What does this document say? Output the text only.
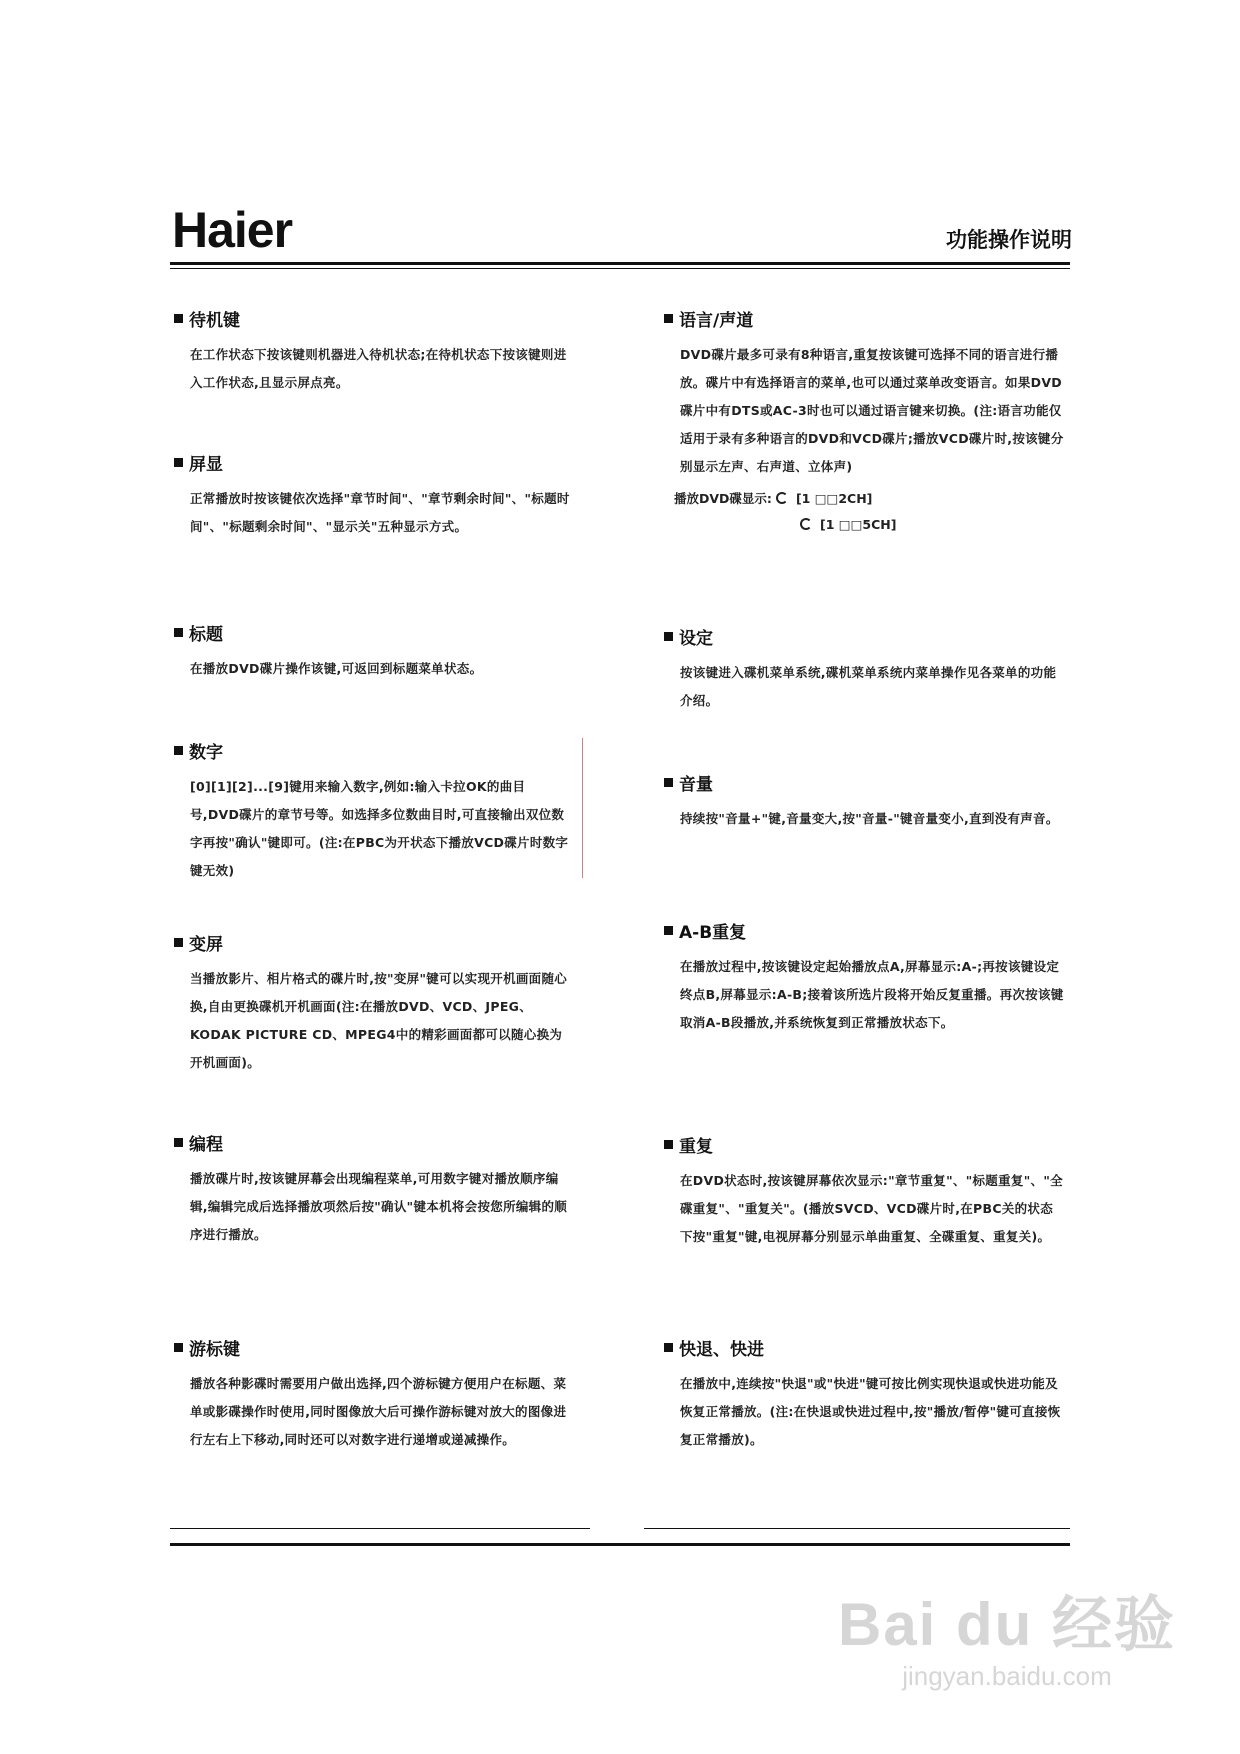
Haier	功能操作说明
待机键

在工作状态下按该键则机器进入待机状态;在待机状态下按该键则进入工作状态,且显示屏点亮。

屏显

正常播放时按该键依次选择"章节时间"、"章节剩余时间"、"标题时间"、"标题剩余时间"、"显示关"五种显示方式。

标题

在播放DVD碟片操作该键,可返回到标题菜单状态。

数字

[0][1][2]...[9]键用来输入数字,例如:输入卡拉OK的曲目号,DVD碟片的章节号等。如选择多位数曲目时,可直接输出双位数字再按"确认"键即可。(注:在PBC为开状态下播放VCD碟片时数字键无效)

变屏

当播放影片、相片格式的碟片时,按"变屏"键可以实现开机画面随心换,自由更换碟机开机画面(注:在播放DVD、VCD、JPEG、KODAK PICTURE CD、MPEG4中的精彩画面都可以随心换为开机画面)。

编程

播放碟片时,按该键屏幕会出现编程菜单,可用数字键对播放顺序编辑,编辑完成后选择播放项然后按"确认"键本机将会按您所编辑的顺序进行播放。

游标键

播放各种影碟时需要用户做出选择,四个游标键方便用户在标题、菜单或影碟操作时使用,同时图像放大后可操作游标键对放大的图像进行左右上下移动,同时还可以对数字进行递增或递减操作。

语言/声道

DVD碟片最多可录有8种语言,重复按该键可选择不同的语言进行播放。碟片中有选择语言的菜单,也可以通过菜单改变语言。如果DVD碟片中有DTS或AC-3时也可以通过语言键来切换。(注:语言功能仅适用于录有多种语言的DVD和VCD碟片;播放VCD碟片时,按该键分别显示左声、右声道、立体声)

播放DVD碟显示: [1 □□2CH]
[1 □□5CH]
设定

按该键进入碟机菜单系统,碟机菜单系统内菜单操作见各菜单的功能介绍。

音量

持续按"音量+"键,音量变大,按"音量-"键音量变小,直到没有声音。

A-B重复

在播放过程中,按该键设定起始播放点A,屏幕显示:A-;再按该键设定终点B,屏幕显示:A-B;接着该所选片段将开始反复重播。再次按该键取消A-B段播放,并系统恢复到正常播放状态下。

重复

在DVD状态时,按该键屏幕依次显示:"章节重复"、"标题重复"、"全碟重复"、"重复关"。(播放SVCD、VCD碟片时,在PBC关的状态下按"重复"键,电视屏幕分别显示单曲重复、全碟重复、重复关)。

快退、快进

在播放中,连续按"快退"或"快进"键可按比例实现快退或快进功能及恢复正常播放。(注:在快退或快进过程中,按"播放/暂停"键可直接恢复正常播放)。

Bai du 经验
jingyan.baidu.com
